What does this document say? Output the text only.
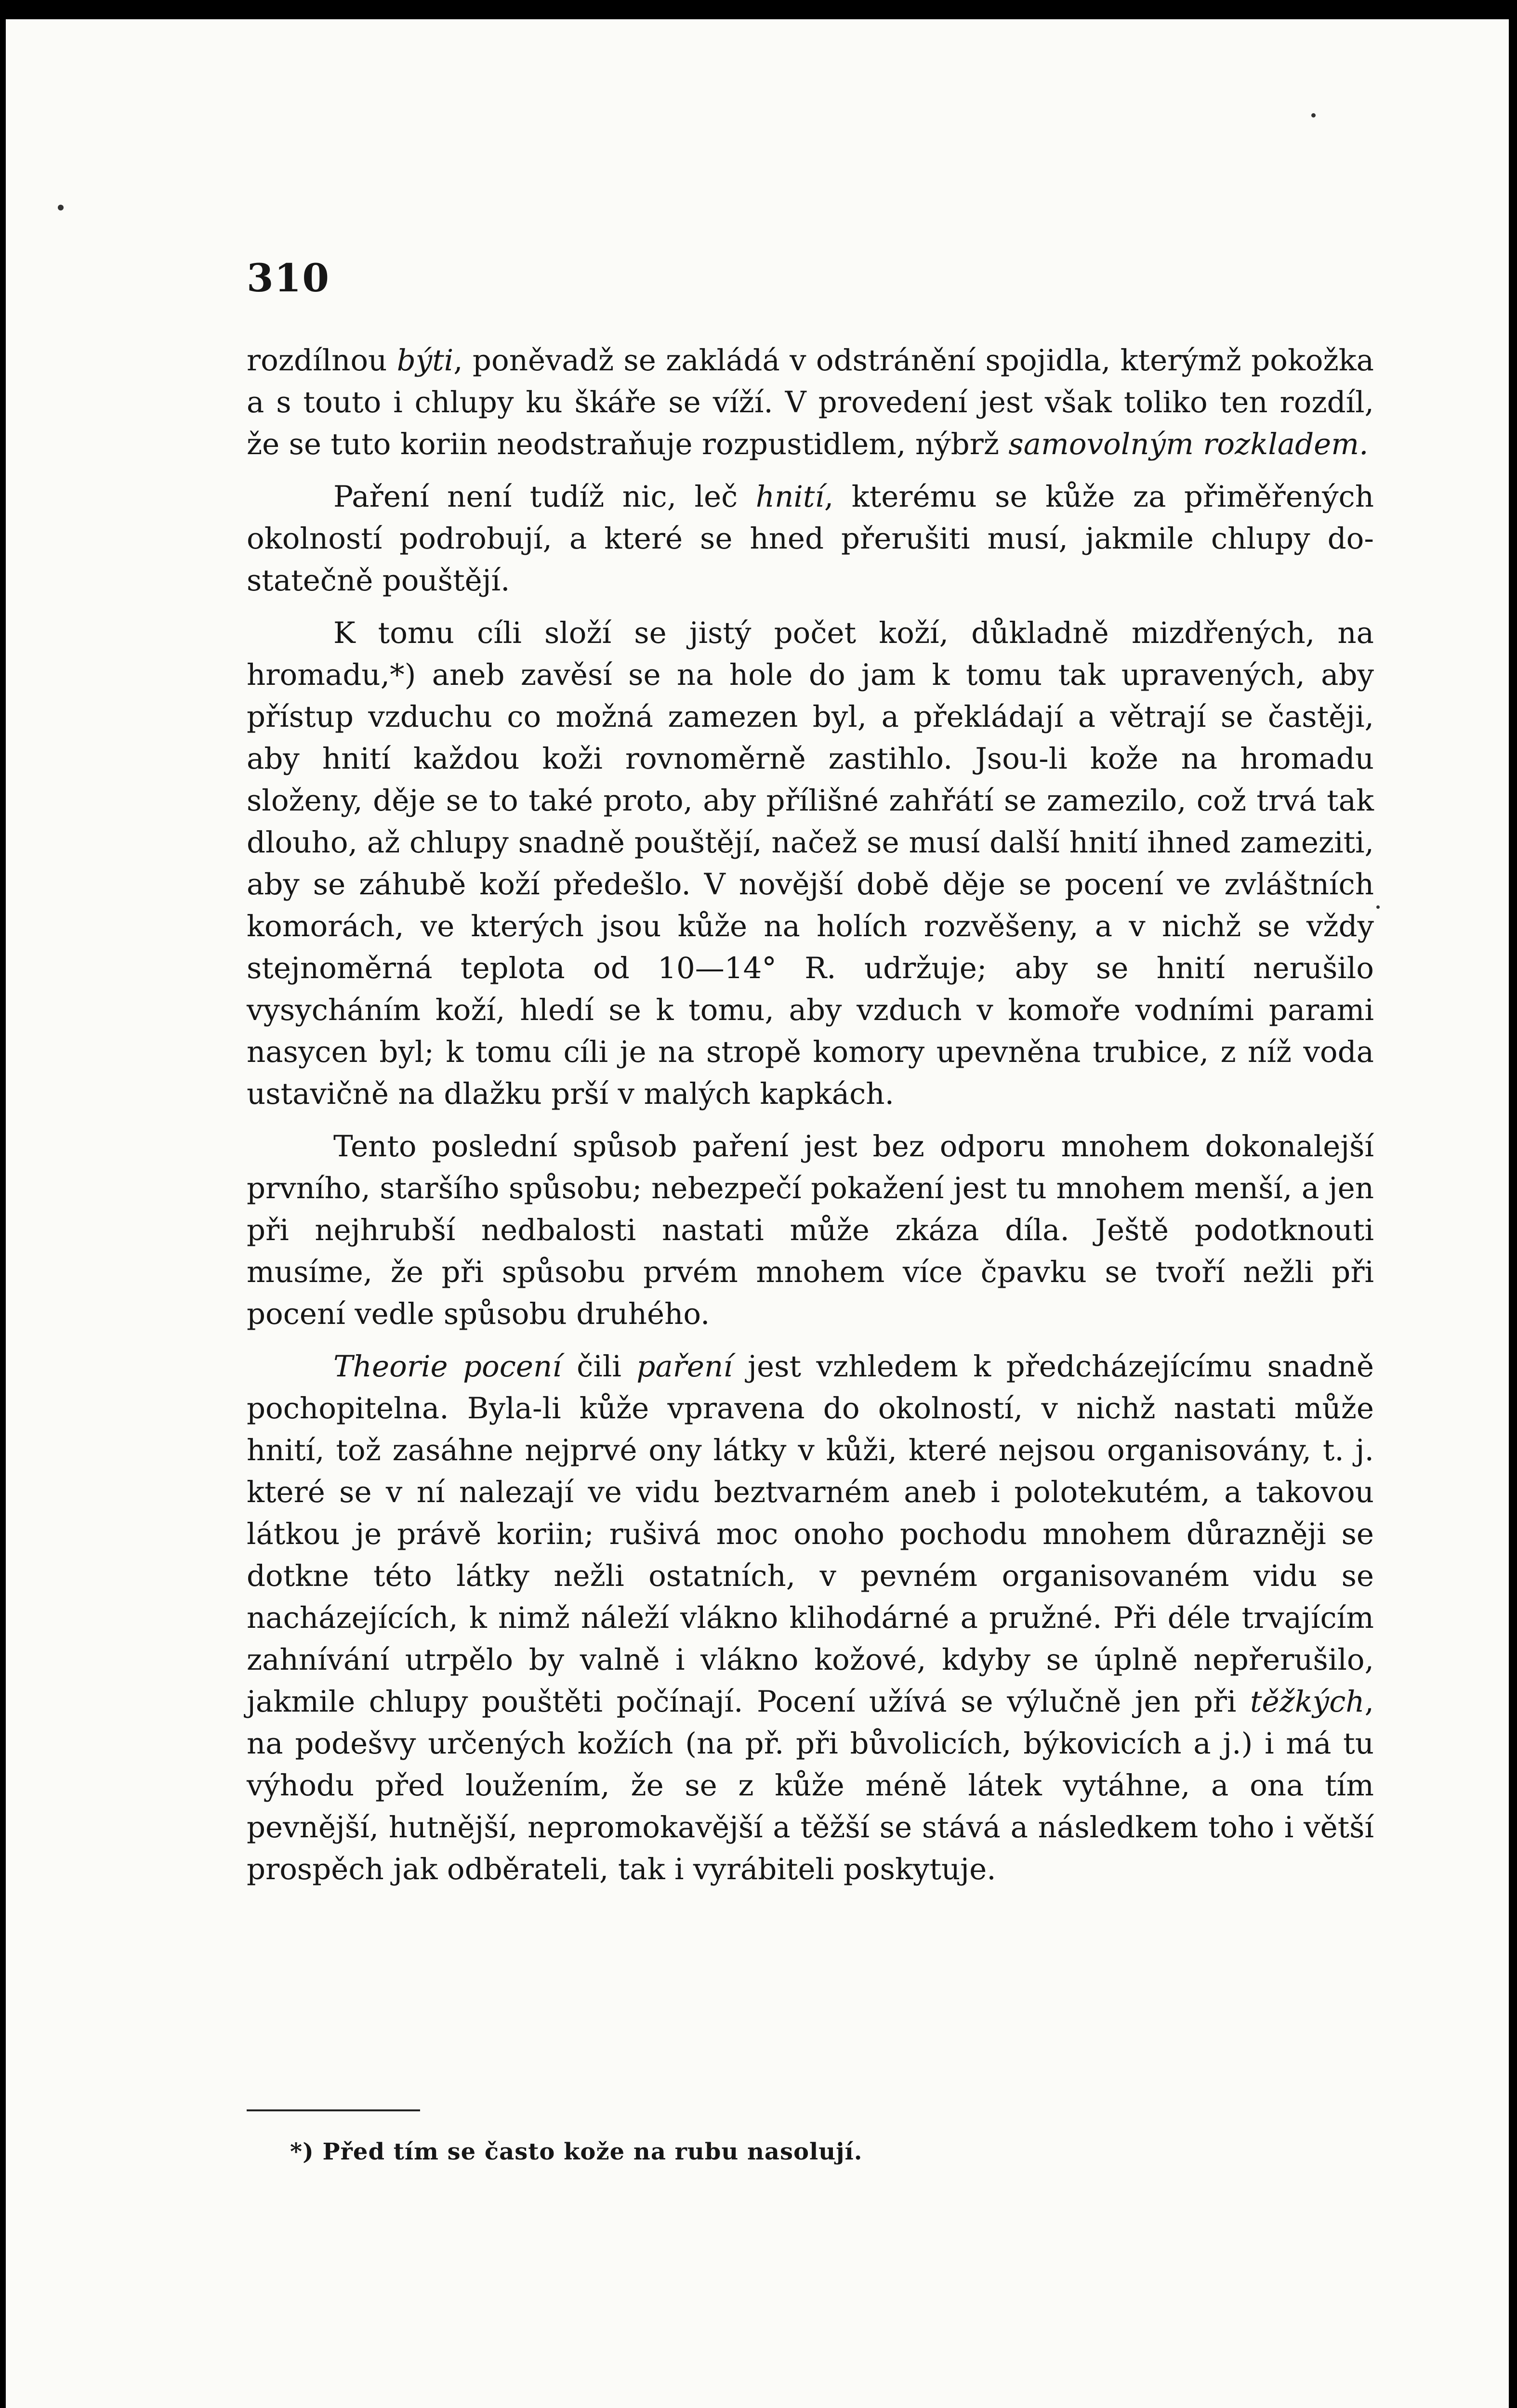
310

rozdílnou býti, poněvadž se zakládá v odstránění spojidla, kterýmž pokožka a s touto i chlupy ku škáře se víží. V provedení jest však toliko ten rozdíl, že se tuto koriin neodstraňuje rozpustidlem, nýbrž samovolným rozkladem.

Paření není tudíž nic, leč hnití, kterému se kůže za přiměřených okolností podrobují, a které se hned přerušiti musí, jakmile chlupy dostatečně pouštějí.

K tomu cíli složí se jistý počet koží, důkladně mizdřených, na hromadu,*) aneb zavěsí se na hole do jam k tomu tak upravených, aby přístup vzduchu co možná zamezen byl, a překládají a větrají se častěji, aby hnití každou koži rovnoměrně zastihlo. Jsou-li kože na hromadu složeny, děje se to také proto, aby přílišné zahřátí se zamezilo, což trvá tak dlouho, až chlupy snadně pouštějí, načež se musí další hnití ihned zameziti, aby se záhubě koží předešlo. V novější době děje se pocení ve zvláštních komorách, ve kterých jsou kůže na holích rozvěšeny, a v nichž se vždy stejnoměrná teplota od 10—14° R. udržuje; aby se hnití nerušilo vysycháním koží, hledí se k tomu, aby vzduch v komoře vodními parami nasycen byl; k tomu cíli je na stropě komory upevněna trubice, z níž voda ustavičně na dlažku prší v malých kapkách.

Tento poslední spůsob paření jest bez odporu mnohem dokonalejší prvního, staršího spůsobu; nebezpečí pokažení jest tu mnohem menší, a jen při nejhrubší nedbalosti nastati může zkáza díla. Ještě podotknouti musíme, že při spůsobu prvém mnohem více čpavku se tvoří nežli při pocení vedle spůsobu druhého.

Theorie pocení čili paření jest vzhledem k předcházejícímu snadně pochopitelna. Byla-li kůže vpravena do okolností, v nichž nastati může hnití, tož zasáhne nejprvé ony látky v kůži, které nejsou organisovány, t. j. které se v ní nalezají ve vidu beztvarném aneb i polotekutém, a takovou látkou je právě koriin; rušivá moc onoho pochodu mnohem důrazněji se dotkne této látky nežli ostatních, v pevném organisovaném vidu se nacházejících, k nimž náleží vlákno klihodárné a pružné. Při déle trvajícím zahnívání utrpělo by valně i vlákno kožové, kdyby se úplně nepřerušilo, jakmile chlupy pouštěti počínají. Pocení užívá se výlučně jen při těžkých, na podešvy určených kožích (na př. při bůvolicích, býkovicích a j.) i má tu výhodu před loužením, že se z kůže méně látek vytáhne, a ona tím pevnější, hutnější, nepromokavější a těžší se stává a následkem toho i větší prospěch jak odběrateli, tak i vyrábiteli poskytuje.

*) Před tím se často kože na rubu nasolují.
